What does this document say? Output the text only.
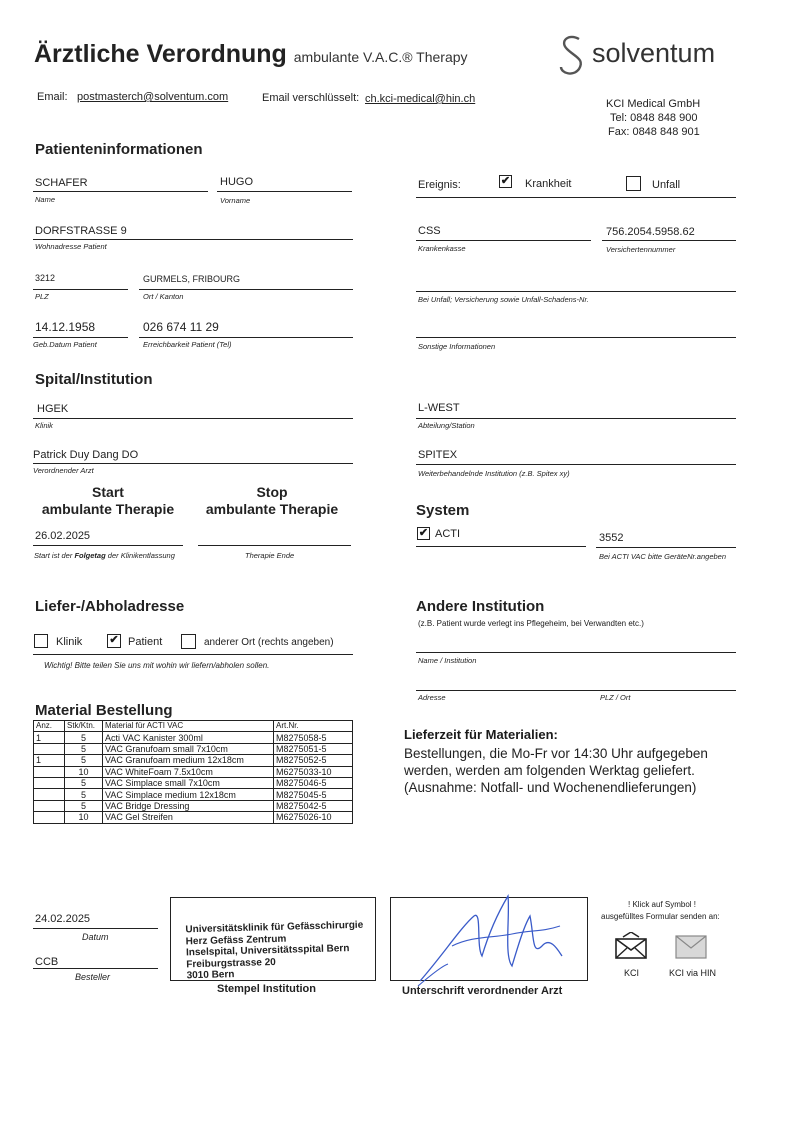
Ärztliche Verordnung ambulante V.A.C.® Therapy	solventum
Email: postmasterch@solventum.com	Email verschlüsselt: ch.kci-medical@hin.ch	KCI Medical GmbH
Tel: 0848 848 900
Fax: 0848 848 901
Patienteninformationen
SCHAFER
Name
HUGO
Vorname
DORFSTRASSE 9
Wohnadresse Patient
3212
PLZ
GURMELS, FRIBOURG
Ort / Kanton
14.12.1958
Geb.Datum Patient
026 674 11 29
Erreichbarkeit Patient (Tel)
Ereignis:	✔ Krankheit	Unfall
CSS
Krankenkasse
756.2054.5958.62
Versichertennummer
Bei Unfall; Versicherung sowie Unfall-Schadens-Nr.
Sonstige Informationen
Spital/Institution
HGEK
Klinik
L-WEST
Abteilung/Station
Patrick Duy Dang DO
Verordnender Arzt
SPITEX
Weiterbehandelnde Institution (z.B. Spitex xy)
Start
ambulante Therapie
Stop
ambulante Therapie
26.02.2025
Start ist der Folgetag der Klinikentlassung	Therapie Ende
System
✔ ACTI	3552
Bei ACTI VAC bitte GeräteNr.angeben
Liefer-/Abholadresse
Klinik ✔ Patient	anderer Ort (rechts angeben)
Wichtig! Bitte teilen Sie uns mit wohin wir liefern/abholen sollen.
Andere Institution
(z.B. Patient wurde verlegt ins Pflegeheim, bei Verwandten etc.)
Name / Institution
Adresse	PLZ / Ort
Material Bestellung
Anz.	Stk/Ktn.	Material für ACTI VAC	Art.Nr.
1	5	Acti VAC Kanister 300ml	M8275058-5
	5	VAC Granufoam small 7x10cm	M8275051-5
1	5	VAC Granufoam medium 12x18cm	M8275052-5
	10	VAC WhiteFoam 7.5x10cm	M6275033-10
	5	VAC Simplace small 7x10cm	M8275046-5
	5	VAC Simplace medium 12x18cm	M8275045-5
	5	VAC Bridge Dressing	M8275042-5
	10	VAC Gel Streifen	M6275026-10
Lieferzeit für Materialien:
Bestellungen, die Mo-Fr vor 14:30 Uhr aufgegeben
werden, werden am folgenden Werktag geliefert.
(Ausnahme: Notfall- und Wochenendlieferungen)
24.02.2025
Datum
CCB
Besteller
Universitätsklinik für Gefässchirurgie
Herz Gefäss Zentrum
Inselspital, Universitätsspital Bern
Freiburgstrasse 20
3010 Bern
Stempel Institution	Unterschrift verordnender Arzt
! Klick auf Symbol !
ausgefülltes Formular senden an:
KCI	KCI via HIN
